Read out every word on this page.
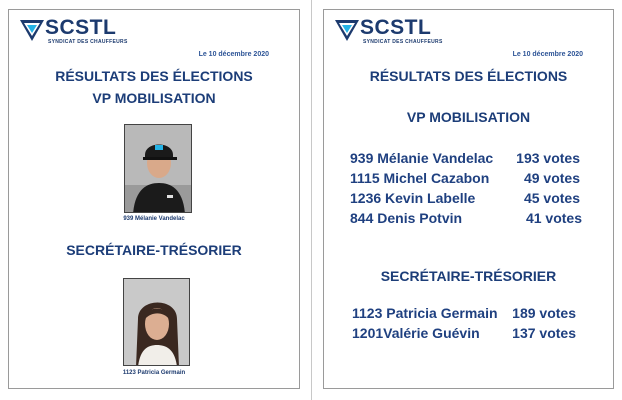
SCSTL
SYNDICAT DES CHAUFFEURS
Le 10 décembre 2020
RÉSULTATS DES ÉLECTIONS
VP MOBILISATION
939 Mélanie Vandelac
SECRÉTAIRE-TRÉSORIER
1123 Patricia Germain
SCSTL
SYNDICAT DES CHAUFFEURS
Le 10 décembre 2020
RÉSULTATS DES ÉLECTIONS
VP MOBILISATION
939 Mélanie Vandelac 193 votes
1115 Michel Cazabon 49 votes
1236 Kevin Labelle	45 votes
844 Denis Potvin	41 votes
SECRÉTAIRE-TRÉSORIER
1123 Patricia Germain 189 votes
1201Valérie Guévin 137 votes
